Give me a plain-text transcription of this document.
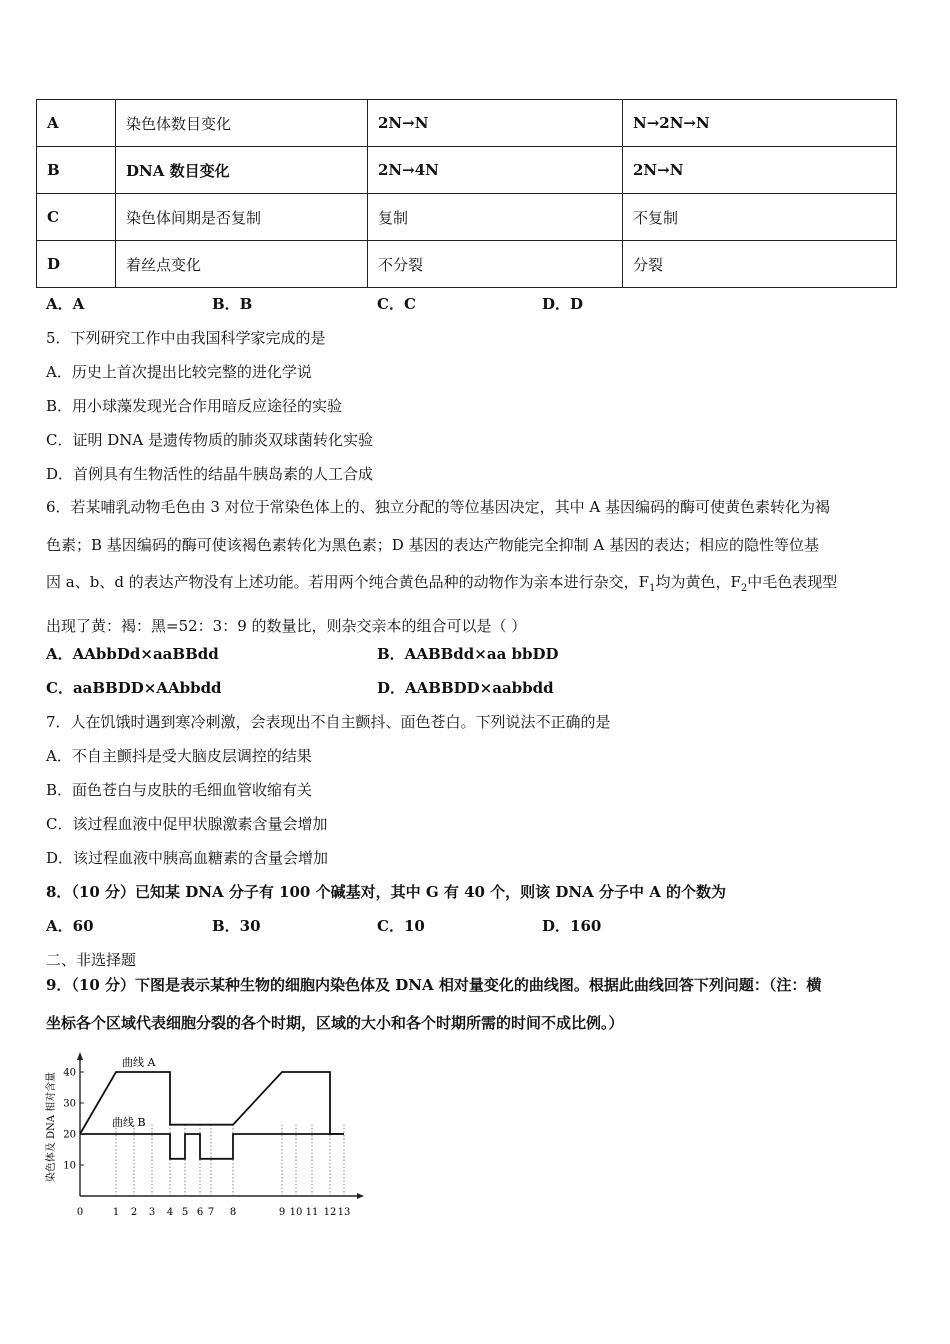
A	染色体数目变化	2N→N	N→2N→N
B	DNA 数目变化	2N→4N	2N→N
C	染色体间期是否复制	复制	不复制
D	着丝点变化	不分裂	分裂
A．A	B．B	C．C	D．D
5．下列研究工作中由我国科学家完成的是
A．历史上首次提出比较完整的进化学说
B．用小球藻发现光合作用暗反应途径的实验
C．证明 DNA 是遗传物质的肺炎双球菌转化实验
D．首例具有生物活性的结晶牛胰岛素的人工合成
6．若某哺乳动物毛色由 3 对位于常染色体上的、独立分配的等位基因决定，其中 A 基因编码的酶可使黄色素转化为褐
色素；B 基因编码的酶可使该褐色素转化为黑色素；D 基因的表达产物能完全抑制 A 基因的表达；相应的隐性等位基
因 a、b、d 的表达产物没有上述功能。若用两个纯合黄色品种的动物作为亲本进行杂交，$F_1$均为黄色，$F_2$中毛色表现型
出现了黄：褐：黑=52：3：9 的数量比，则杂交亲本的组合可以是（ ）
A．AAbbDd×aaBBdd	B．AABBdd×aa bbDD
C．aaBBDD×AAbbdd	D．AABBDD×aabbdd
7．人在饥饿时遇到寒冷刺激，会表现出不自主颤抖、面色苍白。下列说法不正确的是
A．不自主颤抖是受大脑皮层调控的结果
B．面色苍白与皮肤的毛细血管收缩有关
C．该过程血液中促甲状腺激素含量会增加
D．该过程血液中胰高血糖素的含量会增加
8．（10 分）已知某 DNA 分子有 100 个碱基对，其中 G 有 40 个，则该 DNA 分子中 A 的个数为
A．60	B．30	C．10	D．160
二、非选择题
9．（10 分）下图是表示某种生物的细胞内染色体及 DNA 相对量变化的曲线图。根据此曲线回答下列问题：（注：横
坐标各个区域代表细胞分裂的各个时期，区域的大小和各个时期所需的时间不成比例。）
染色体及 DNA 相对含量 10
20
30
40
0	1 2 3 4 5 6 7 8	9 10 11 12 13
曲线 A
曲线 B
